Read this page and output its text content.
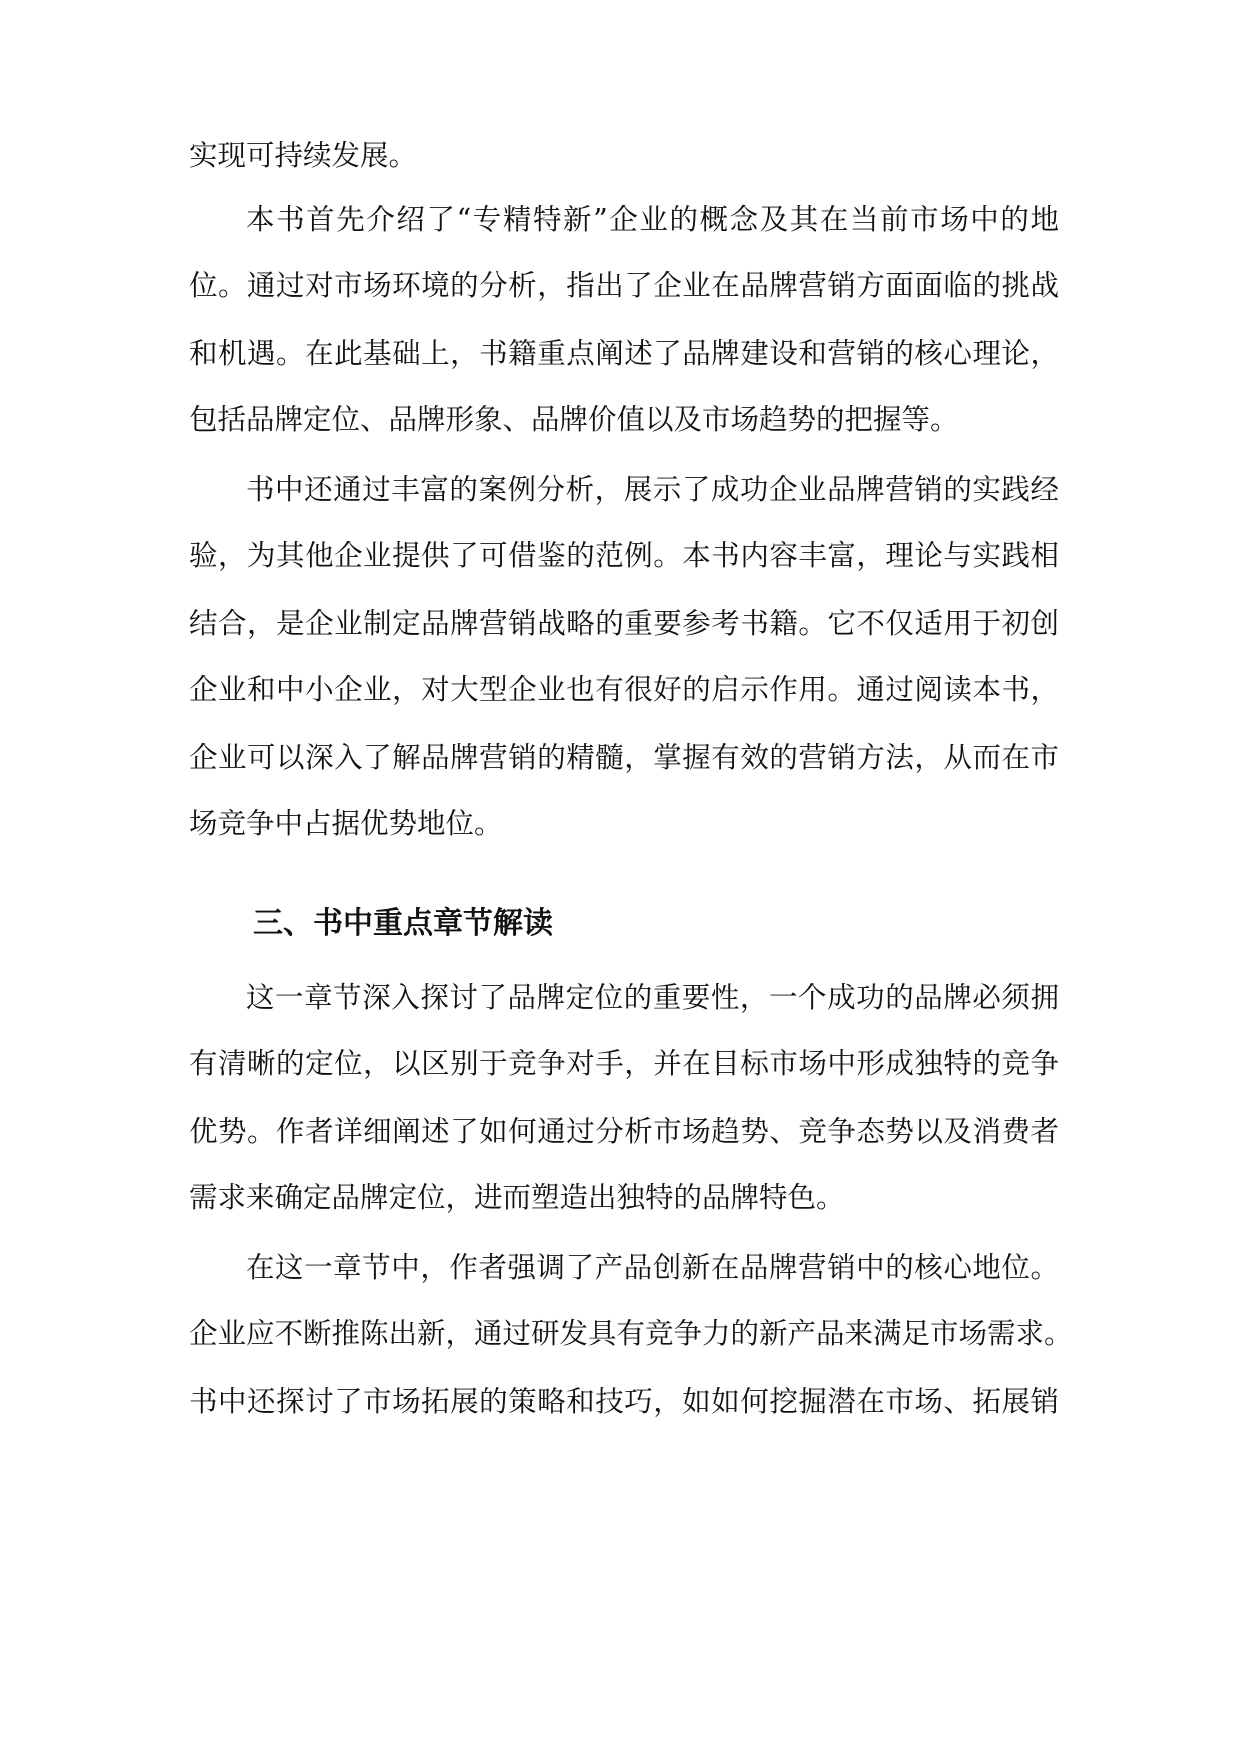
实现可持续发展。
本书首先介绍了“专精特新”企业的概念及其在当前市场中的地
位。通过对市场环境的分析，指出了企业在品牌营销方面面临的挑战
和机遇。在此基础上，书籍重点阐述了品牌建设和营销的核心理论，
包括品牌定位、品牌形象、品牌价值以及市场趋势的把握等。
书中还通过丰富的案例分析，展示了成功企业品牌营销的实践经
验，为其他企业提供了可借鉴的范例。本书内容丰富，理论与实践相
结合，是企业制定品牌营销战略的重要参考书籍。它不仅适用于初创
企业和中小企业，对大型企业也有很好的启示作用。通过阅读本书，
企业可以深入了解品牌营销的精髓，掌握有效的营销方法，从而在市
场竞争中占据优势地位。
三、书中重点章节解读
这一章节深入探讨了品牌定位的重要性，一个成功的品牌必须拥
有清晰的定位，以区别于竞争对手，并在目标市场中形成独特的竞争
优势。作者详细阐述了如何通过分析市场趋势、竞争态势以及消费者
需求来确定品牌定位，进而塑造出独特的品牌特色。
在这一章节中，作者强调了产品创新在品牌营销中的核心地位。
企业应不断推陈出新，通过研发具有竞争力的新产品来满足市场需求。
书中还探讨了市场拓展的策略和技巧，如如何挖掘潜在市场、拓展销
